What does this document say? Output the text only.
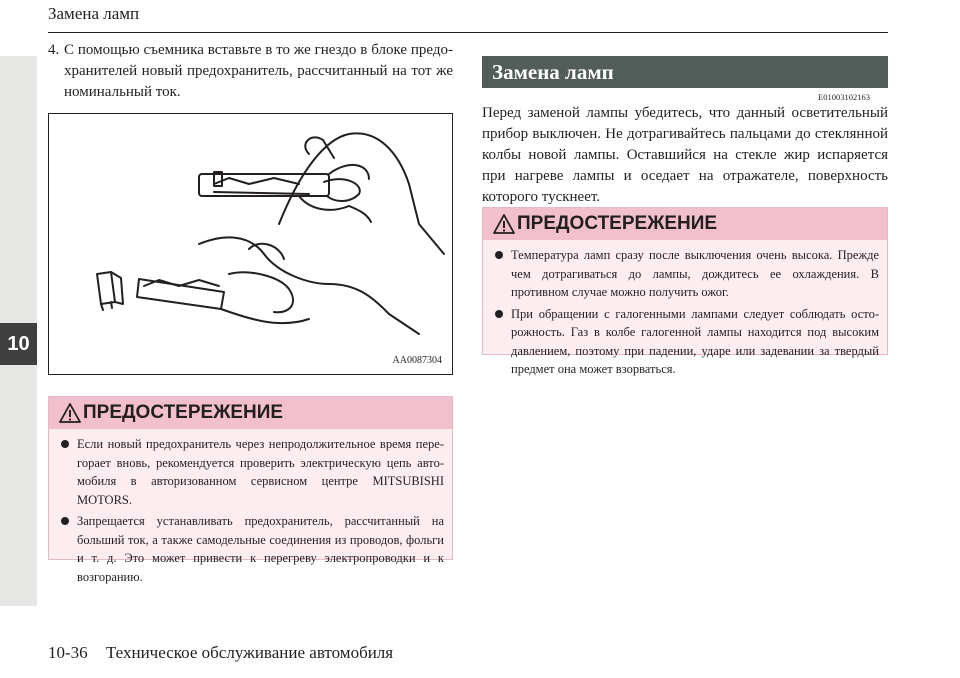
Замена ламп
10
4. С помощью съемника вставьте в то же гнездо в блоке предохранителей новый предохранитель, рассчитанный на тот же номинальный ток.
AA0087304
ПРЕДОСТЕРЕЖЕНИЕ
Если новый предохранитель через непродолжительное время перегорает вновь, рекомендуется проверить электрическую цепь автомобиля в авторизованном сервисном центре MITSUBISHI MOTORS.
Запрещается устанавливать предохранитель, рассчитанный на больший ток, а также самодельные соединения из проводов, фольги и т. д. Это может привести к перегреву электропроводки и к возгоранию.
Замена ламп
E01003102163
Перед заменой лампы убедитесь, что данный осветительный прибор выключен. Не дотрагивайтесь пальцами до стеклянной колбы новой лампы. Оставшийся на стекле жир испаряется при нагреве лампы и оседает на отражателе, поверхность которого тускнеет.
ПРЕДОСТЕРЕЖЕНИЕ
Температура ламп сразу после выключения очень высока. Прежде чем дотрагиваться до лампы, дождитесь ее охлаждения. В противном случае можно получить ожог.
При обращении с галогенными лампами следует соблюдать осторожность. Газ в колбе галогенной лампы находится под высоким давлением, поэтому при падении, ударе или задевании за твердый предмет она может взорваться.
10-36 Техническое обслуживание автомобиля
